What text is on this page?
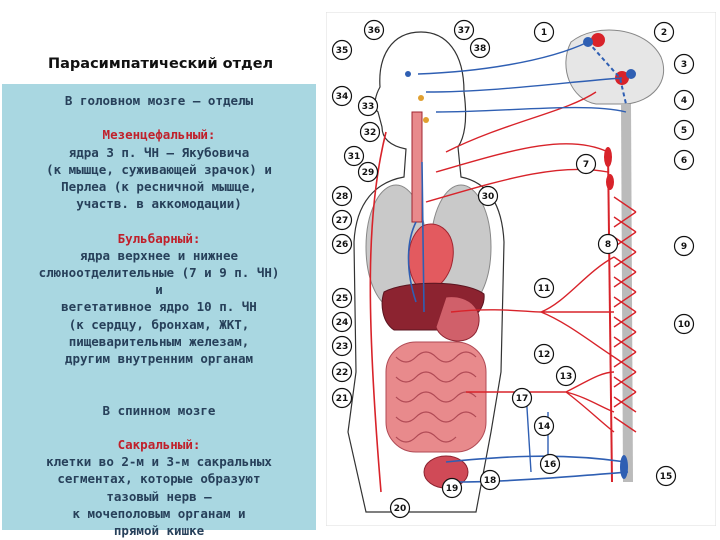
Парасимпатический отдел
В головном мозге – отделы
Мезенцефальный:
ядра 3 п. ЧН – Якубовича
(к мышце, суживающей зрачок) и
Перлеа (к ресничной мышце,
участв. в аккомодации)
Бульбарный:
ядра верхнее и нижнее
слюноотделительные (7 и 9 п. ЧН)
и
вегетативное ядро 10 п. ЧН
(к сердцу, бронхам, ЖКТ,
пищеварительным железам,
другим внутренним органам
В спинном мозге
Сакральный:
клетки во 2-м и 3-м сакральных
сегментах, которые образуют
тазовый нерв –
к мочеполовым органам и
прямой кишке
1	2
3
4
5
6
7
8	9
10
11
12
13
14
15
16
17
18
19
20
21
22
23
24
25
26
27
28
29
30
31
32
33
34
35
36	37
38
